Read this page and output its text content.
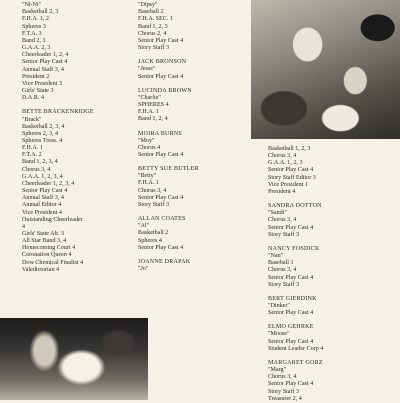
"Ni-Ni"
Basketball 2, 3
F.H.A. 1, 2
Spheres 3
F.T.A. 3
Band 2, 3
G.A.A. 2, 3
Cheerleader 1, 2, 4
Senior Play Cast 4
Annual Staff 3, 4
President 2
Vice President 3
Girls' State 3
D.A.R. 4
BETTE BRACKENRIDGE
"Brack"
Basketball 2, 3, 4
Spheres 2, 3, 4
Spheres Treas. 4
F.H.A. 1
F.T.A. 2
Band 1, 2, 3, 4
Chorus 3, 4
G.A.A. 1, 2, 3, 4
Cheerleader 1, 2, 3, 4
Senior Play Cast 4
Annual Staff 3, 4
Annual Editor 4
Vice President 4
Outstanding Cheerleader
4
Girls' State Alt. 3
All Star Band 3, 4
Homecoming Court 4
Coronation Queen 4
Dow Chemical Finalist 4
Valedictorian 4
"Dipsy"
Baseball 2
F.H.A. SEC. 1
Band 1, 2, 3
Chorus 2, 4
Senior Play Cast 4
Story Staff 3
JACK BRONSON
"Jesse"
Senior Play Cast 4
LUCINDA BROWN
"Charlie"
SPHERES 4
F.H.A. 1
Band 1, 2, 4
MOIRA BURNS
"Moy"
Chorus 4
Senior Play Cast 4
BETTY SUE BUTLER
"Betty"
F.H.A. 1
Chorus 3, 4
Senior Play Cast 4
Story Staff 3
ALLAN COATES
"Al"
Basketball 2
Spheres 4
Senior Play Cast 4
JOANNE DRAPAK
"Jo"
Basketball 1, 2, 3
Chorus 3, 4
G.A.A. 1, 2, 3
Senior Play Cast 4
Story Staff Editor 3
Vice President 1
President 4
SANDRA DOTTON
"Sandi"
Chorus 3, 4
Senior Play Cast 4
Story Staff 3
NANCY FOSDICK
"Nan"
Baseball 1
Chorus 3, 4
Senior Play Cast 4
Story Staff 3
BERT GIERDINK
"Dinker"
Senior Play Cast 4
ELMO GEHRKE
"Moose"
Senior Play Cast 4
Student Leader Corp 4
MARGARET GORZ
"Marg"
Chorus 3, 4
Senior Play Cast 4
Story Staff 3
Treasurer 2, 4
